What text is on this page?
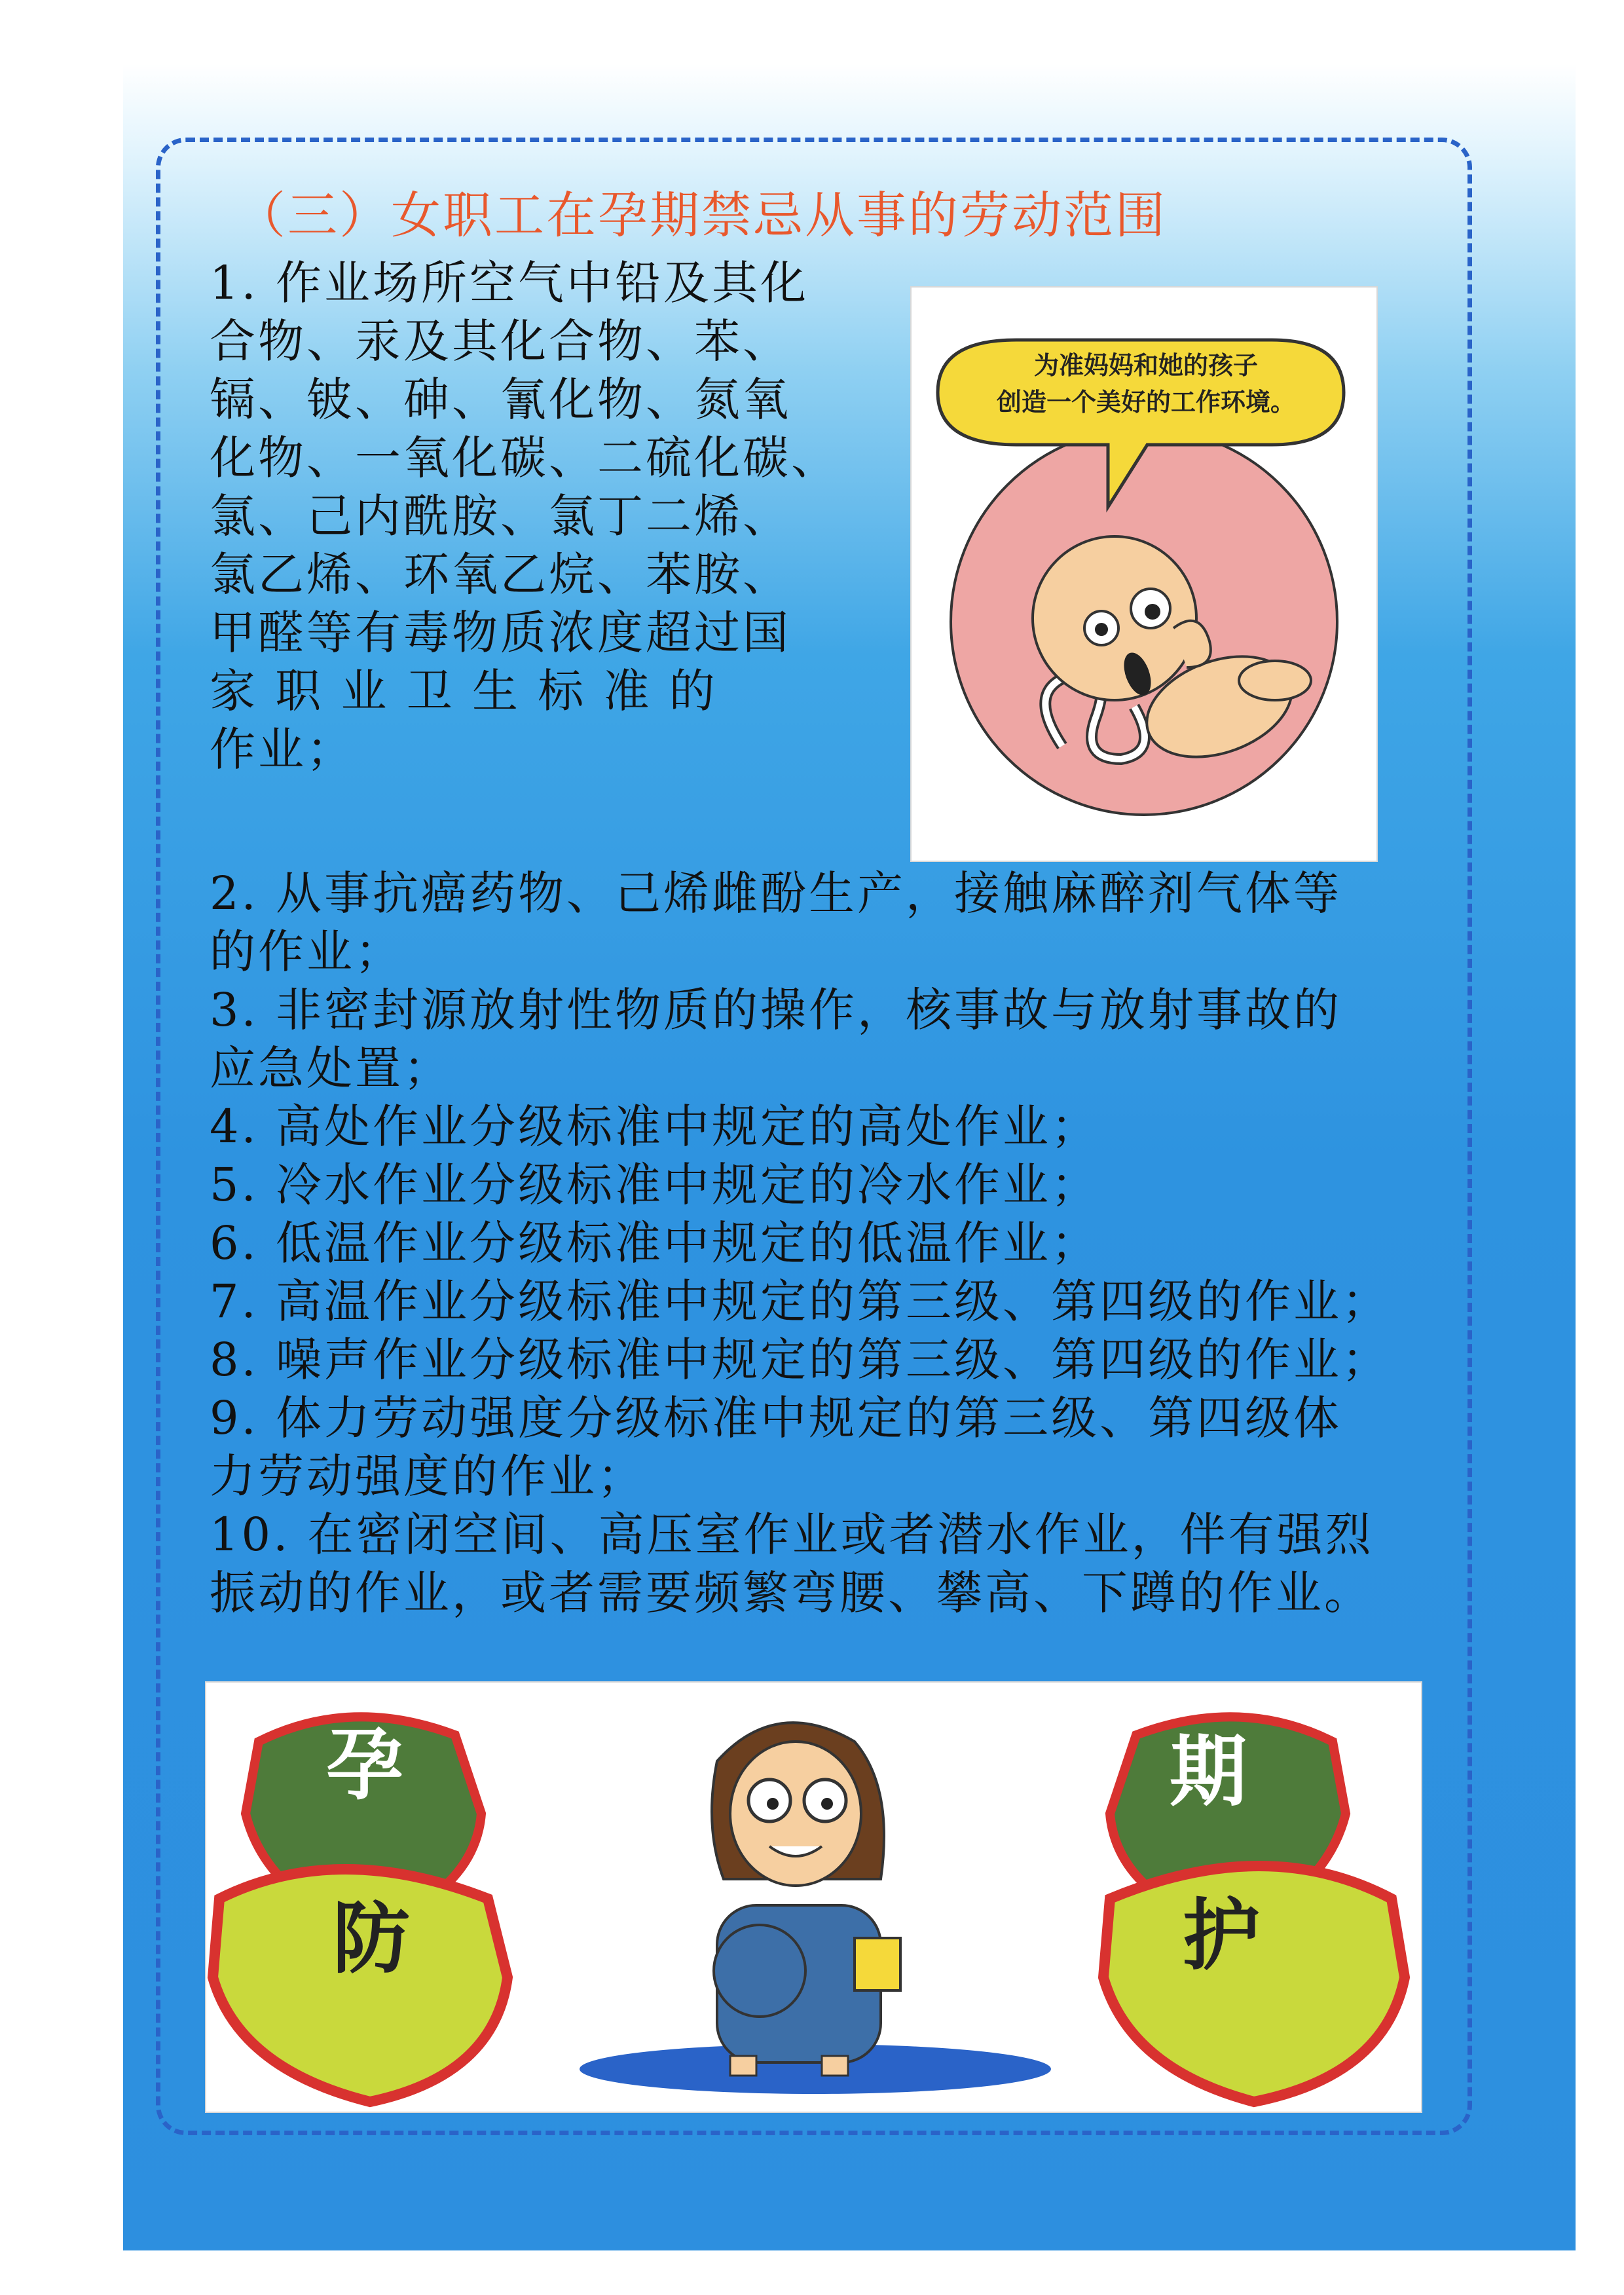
（三）女职工在孕期禁忌从事的劳动范围
1. 作业场所空气中铅及其化
合物、汞及其化合物、苯、
镉、铍、砷、氰化物、氮氧
化物、一氧化碳、二硫化碳、
氯、己内酰胺、氯丁二烯、
氯乙烯、环氧乙烷、苯胺、
甲醛等有毒物质浓度超过国
家 职 业 卫 生 标 准 的
作业；
为准妈妈和她的孩子
创造一个美好的工作环境。
2. 从事抗癌药物、己烯雌酚生产，接触麻醉剂气体等
的作业；
3. 非密封源放射性物质的操作，核事故与放射事故的
应急处置；
4. 高处作业分级标准中规定的高处作业；
5. 冷水作业分级标准中规定的冷水作业；
6. 低温作业分级标准中规定的低温作业；
7. 高温作业分级标准中规定的第三级、第四级的作业；
8. 噪声作业分级标准中规定的第三级、第四级的作业；
9. 体力劳动强度分级标准中规定的第三级、第四级体
力劳动强度的作业；
10. 在密闭空间、高压室作业或者潜水作业，伴有强烈
振动的作业，或者需要频繁弯腰、攀高、下蹲的作业。
孕	期
防	护
